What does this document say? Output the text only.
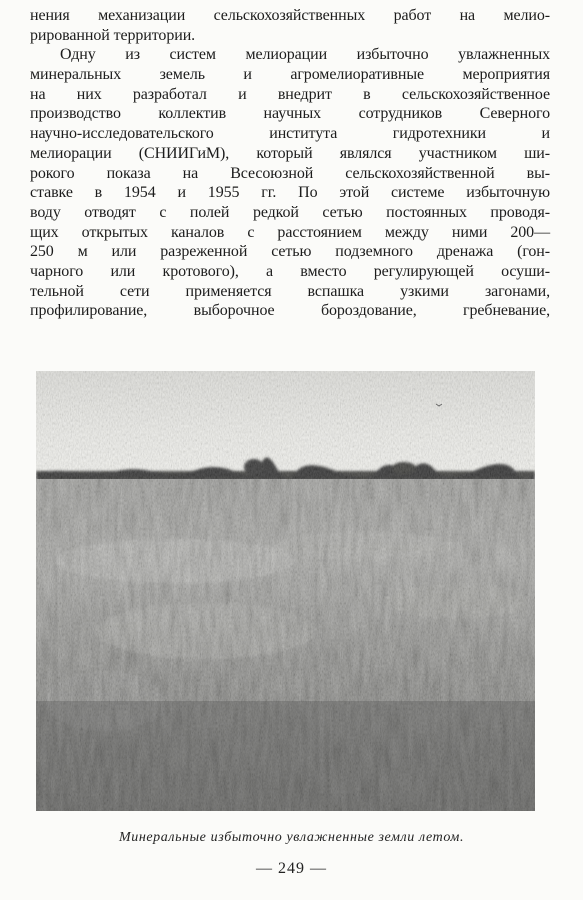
нения механизации сельскохозяйственных работ на мелио-
рированной территории.
Одну из систем мелиорации избыточно увлажненных
минеральных земель и агромелиоративные мероприятия
на них разработал и внедрит в сельскохозяйственное
производство коллектив научных сотрудников Северного
научно-исследовательского института гидротехники и
мелиорации (СНИИГиМ), который являлся участником ши-
рокого показа на Всесоюзной сельскохозяйственной вы-
ставке в 1954 и 1955 гг. По этой системе избыточную
воду отводят с полей редкой сетью постоянных проводя-
щих открытых каналов с расстоянием между ними 200—
250 м или разреженной сетью подземного дренажа (гон-
чарного или кротового), а вместо регулирующей осуши-
тельной сети применяется вспашка узкими загонами,
профилирование, выборочное бороздование, гребневание,
Минеральные избыточно увлажненные земли летом.
— 249 —
